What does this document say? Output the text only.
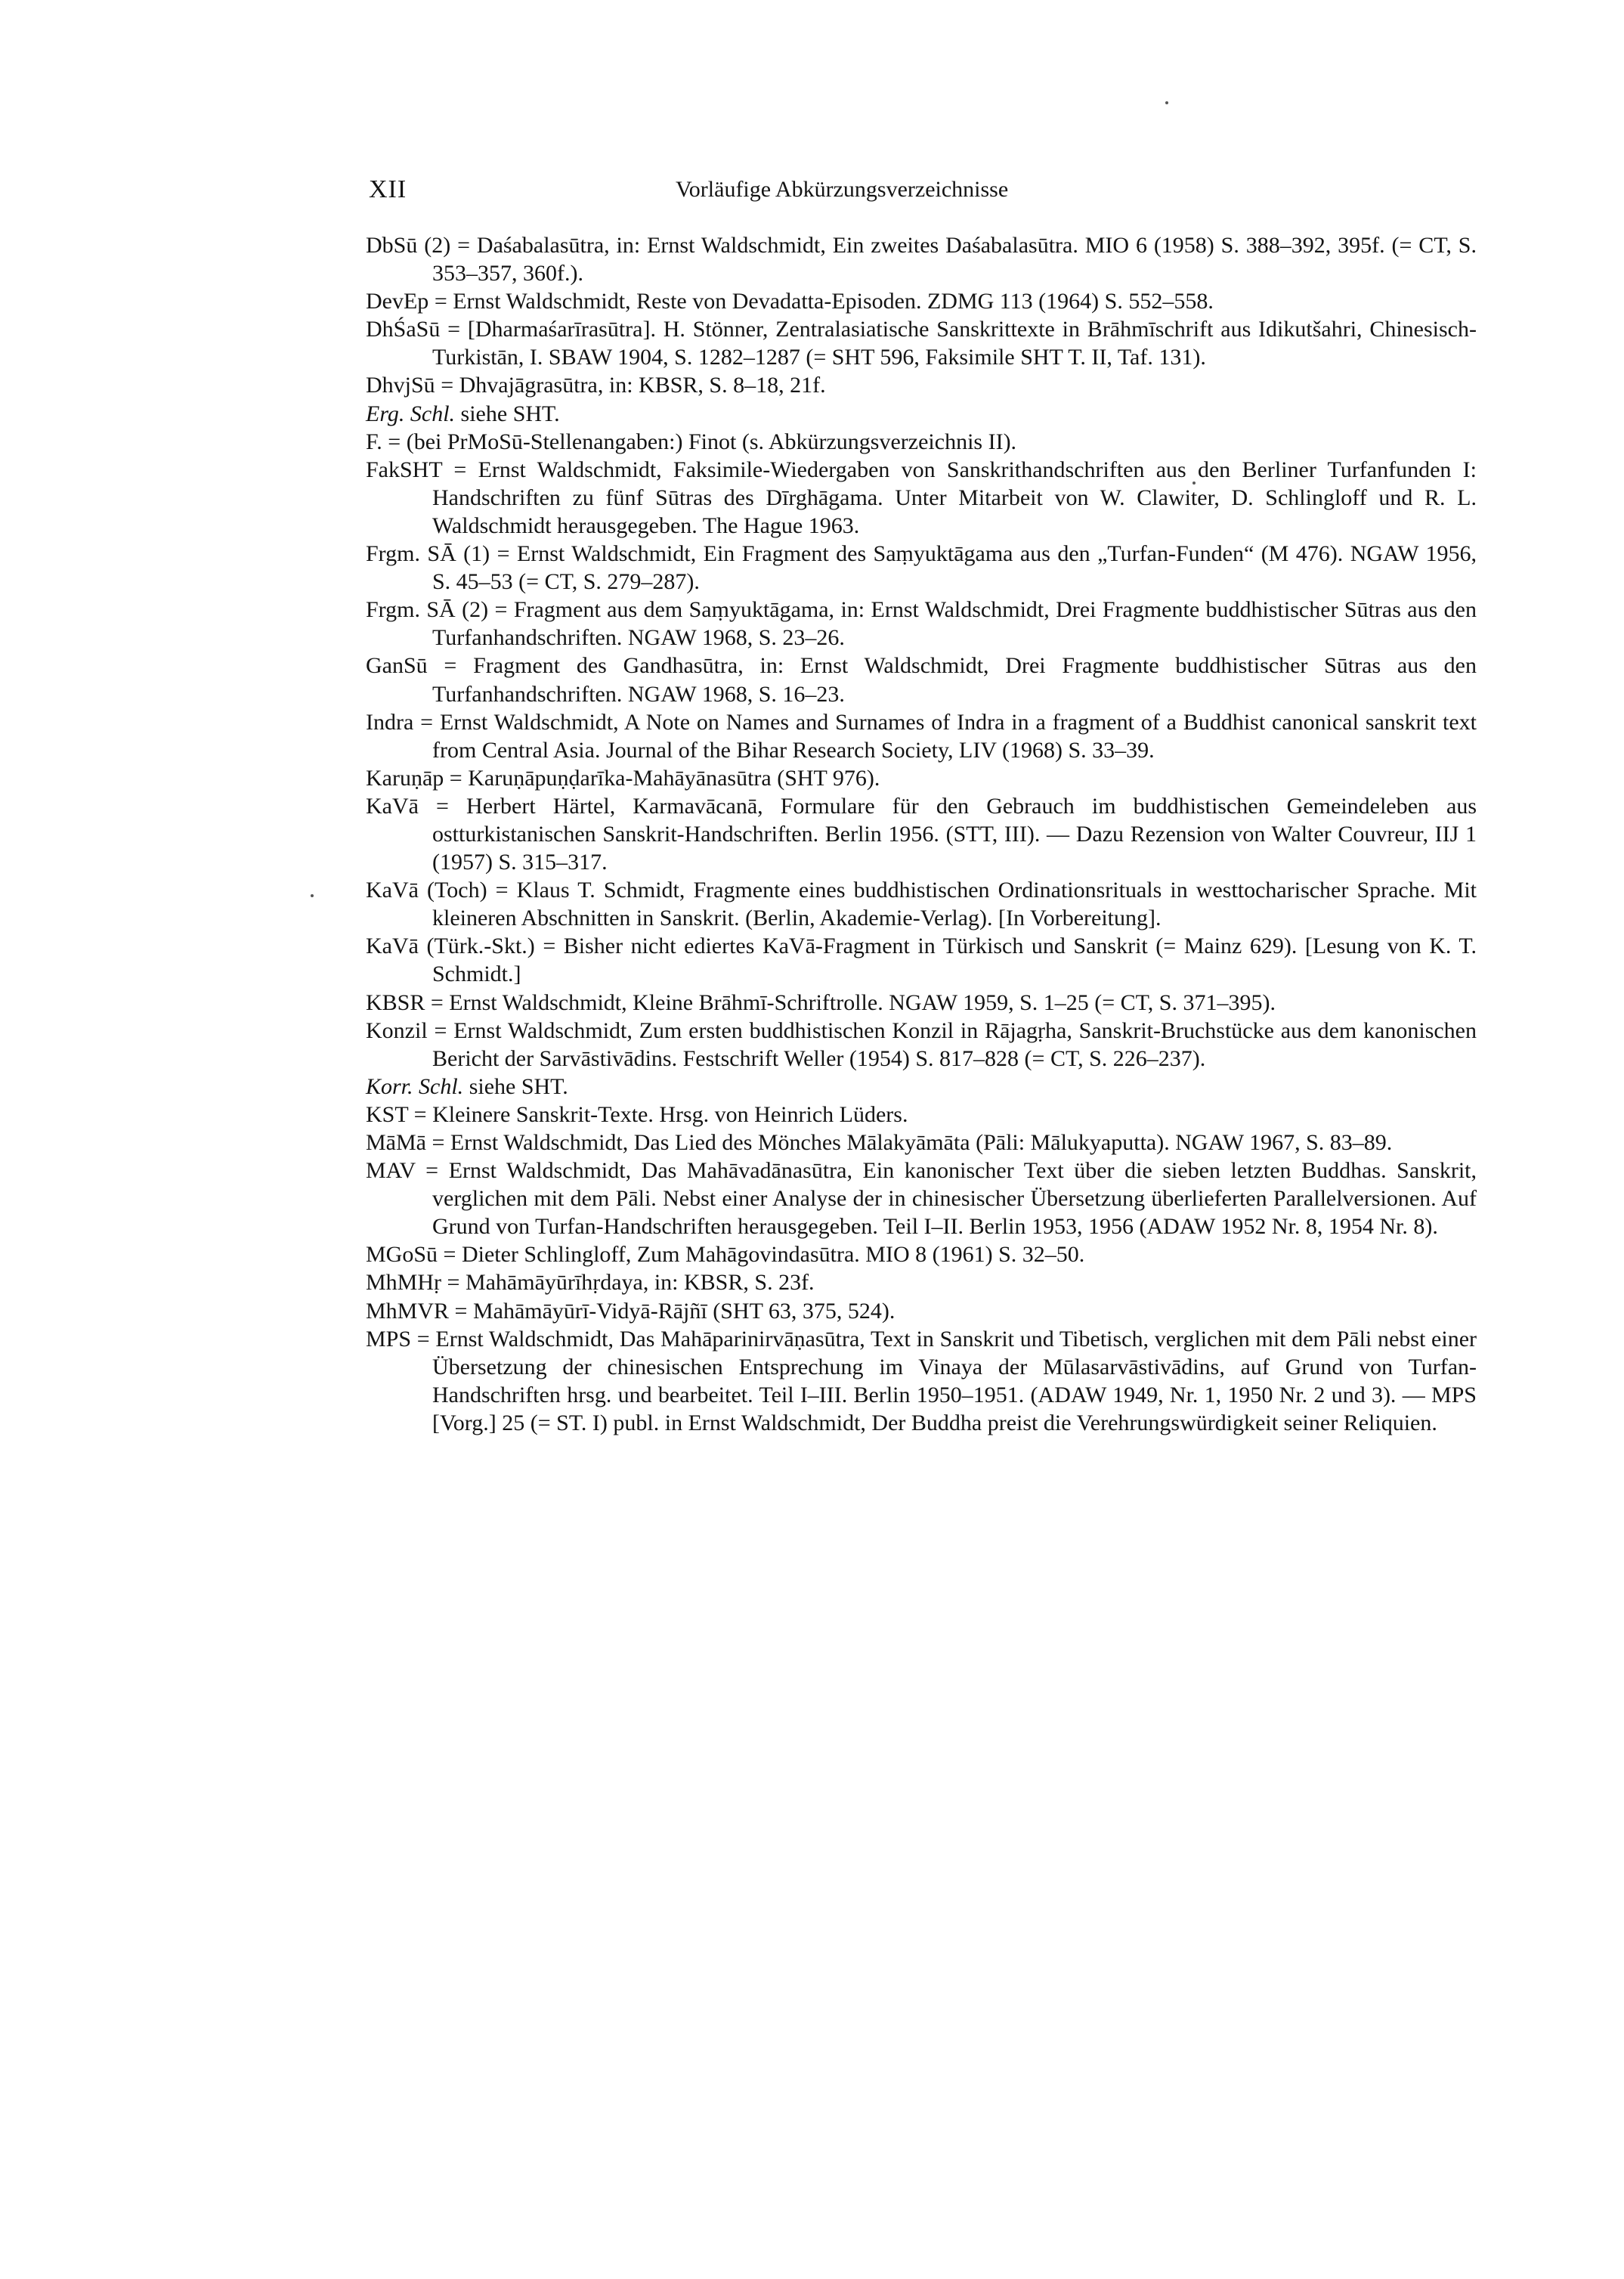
XII	Vorläufige Abkürzungsverzeichnisse

DbSū (2) = Daśabalasūtra, in: Ernst Waldschmidt, Ein zweites Daśabalasūtra. MIO 6 (1958) S. 388–392, 395f. (= CT, S. 353–357, 360f.).

DevEp = Ernst Waldschmidt, Reste von Devadatta-Episoden. ZDMG 113 (1964) S. 552–558.

DhŚaSū = [Dharmaśarīrasūtra]. H. Stönner, Zentralasiatische Sanskrittexte in Brāhmīschrift aus Idikutšahri, Chinesisch-Turkistān, I. SBAW 1904, S. 1282–1287 (= SHT 596, Faksimile SHT T. II, Taf. 131).

DhvjSū = Dhvajāgrasūtra, in: KBSR, S. 8–18, 21f.

Erg. Schl. siehe SHT.

F. = (bei PrMoSū-Stellenangaben:) Finot (s. Abkürzungsverzeichnis II).

FakSHT = Ernst Waldschmidt, Faksimile-Wiedergaben von Sanskrithandschriften aus den Berliner Turfanfunden I: Handschriften zu fünf Sūtras des Dīrghāgama. Unter Mitarbeit von W. Clawiter, D. Schlingloff und R. L. Waldschmidt herausgegeben. The Hague 1963.

Frgm. SĀ (1) = Ernst Waldschmidt, Ein Fragment des Saṃyuktāgama aus den „Turfan-Funden“ (M 476). NGAW 1956, S. 45–53 (= CT, S. 279–287).

Frgm. SĀ (2) = Fragment aus dem Saṃyuktāgama, in: Ernst Waldschmidt, Drei Fragmente buddhistischer Sūtras aus den Turfanhandschriften. NGAW 1968, S. 23–26.

GanSū = Fragment des Gandhasūtra, in: Ernst Waldschmidt, Drei Fragmente buddhistischer Sūtras aus den Turfanhandschriften. NGAW 1968, S. 16–23.

Indra = Ernst Waldschmidt, A Note on Names and Surnames of Indra in a fragment of a Buddhist canonical sanskrit text from Central Asia. Journal of the Bihar Research Society, LIV (1968) S. 33–39.

Karuṇāp = Karuṇāpuṇḍarīka-Mahāyānasūtra (SHT 976).

KaVā = Herbert Härtel, Karmavācanā, Formulare für den Gebrauch im buddhistischen Gemeindeleben aus ostturkistanischen Sanskrit-Handschriften. Berlin 1956. (STT, III). — Dazu Rezension von Walter Couvreur, IIJ 1 (1957) S. 315–317.

KaVā (Toch) = Klaus T. Schmidt, Fragmente eines buddhistischen Ordinationsrituals in westtocharischer Sprache. Mit kleineren Abschnitten in Sanskrit. (Berlin, Akademie-Verlag). [In Vorbereitung].

KaVā (Türk.-Skt.) = Bisher nicht ediertes KaVā-Fragment in Türkisch und Sanskrit (= Mainz 629). [Lesung von K. T. Schmidt.]

KBSR = Ernst Waldschmidt, Kleine Brāhmī-Schriftrolle. NGAW 1959, S. 1–25 (= CT, S. 371–395).

Konzil = Ernst Waldschmidt, Zum ersten buddhistischen Konzil in Rājagṛha, Sanskrit-Bruchstücke aus dem kanonischen Bericht der Sarvāstivādins. Festschrift Weller (1954) S. 817–828 (= CT, S. 226–237).

Korr. Schl. siehe SHT.

KST = Kleinere Sanskrit-Texte. Hrsg. von Heinrich Lüders.

MāMā = Ernst Waldschmidt, Das Lied des Mönches Mālakyāmāta (Pāli: Mālukyaputta). NGAW 1967, S. 83–89.

MAV = Ernst Waldschmidt, Das Mahāvadānasūtra, Ein kanonischer Text über die sieben letzten Buddhas. Sanskrit, verglichen mit dem Pāli. Nebst einer Analyse der in chinesischer Übersetzung überlieferten Parallelversionen. Auf Grund von Turfan-Handschriften herausgegeben. Teil I–II. Berlin 1953, 1956 (ADAW 1952 Nr. 8, 1954 Nr. 8).

MGoSū = Dieter Schlingloff, Zum Mahāgovindasūtra. MIO 8 (1961) S. 32–50.

MhMHṛ = Mahāmāyūrīhṛdaya, in: KBSR, S. 23f.

MhMVR = Mahāmāyūrī-Vidyā-Rājñī (SHT 63, 375, 524).

MPS = Ernst Waldschmidt, Das Mahāparinirvāṇasūtra, Text in Sanskrit und Tibetisch, verglichen mit dem Pāli nebst einer Übersetzung der chinesischen Entsprechung im Vinaya der Mūlasarvāstivādins, auf Grund von Turfan-Handschriften hrsg. und bearbeitet. Teil I–III. Berlin 1950–1951. (ADAW 1949, Nr. 1, 1950 Nr. 2 und 3). — MPS [Vorg.] 25 (= ST. I) publ. in Ernst Waldschmidt, Der Buddha preist die Verehrungswürdigkeit seiner Reliquien.
